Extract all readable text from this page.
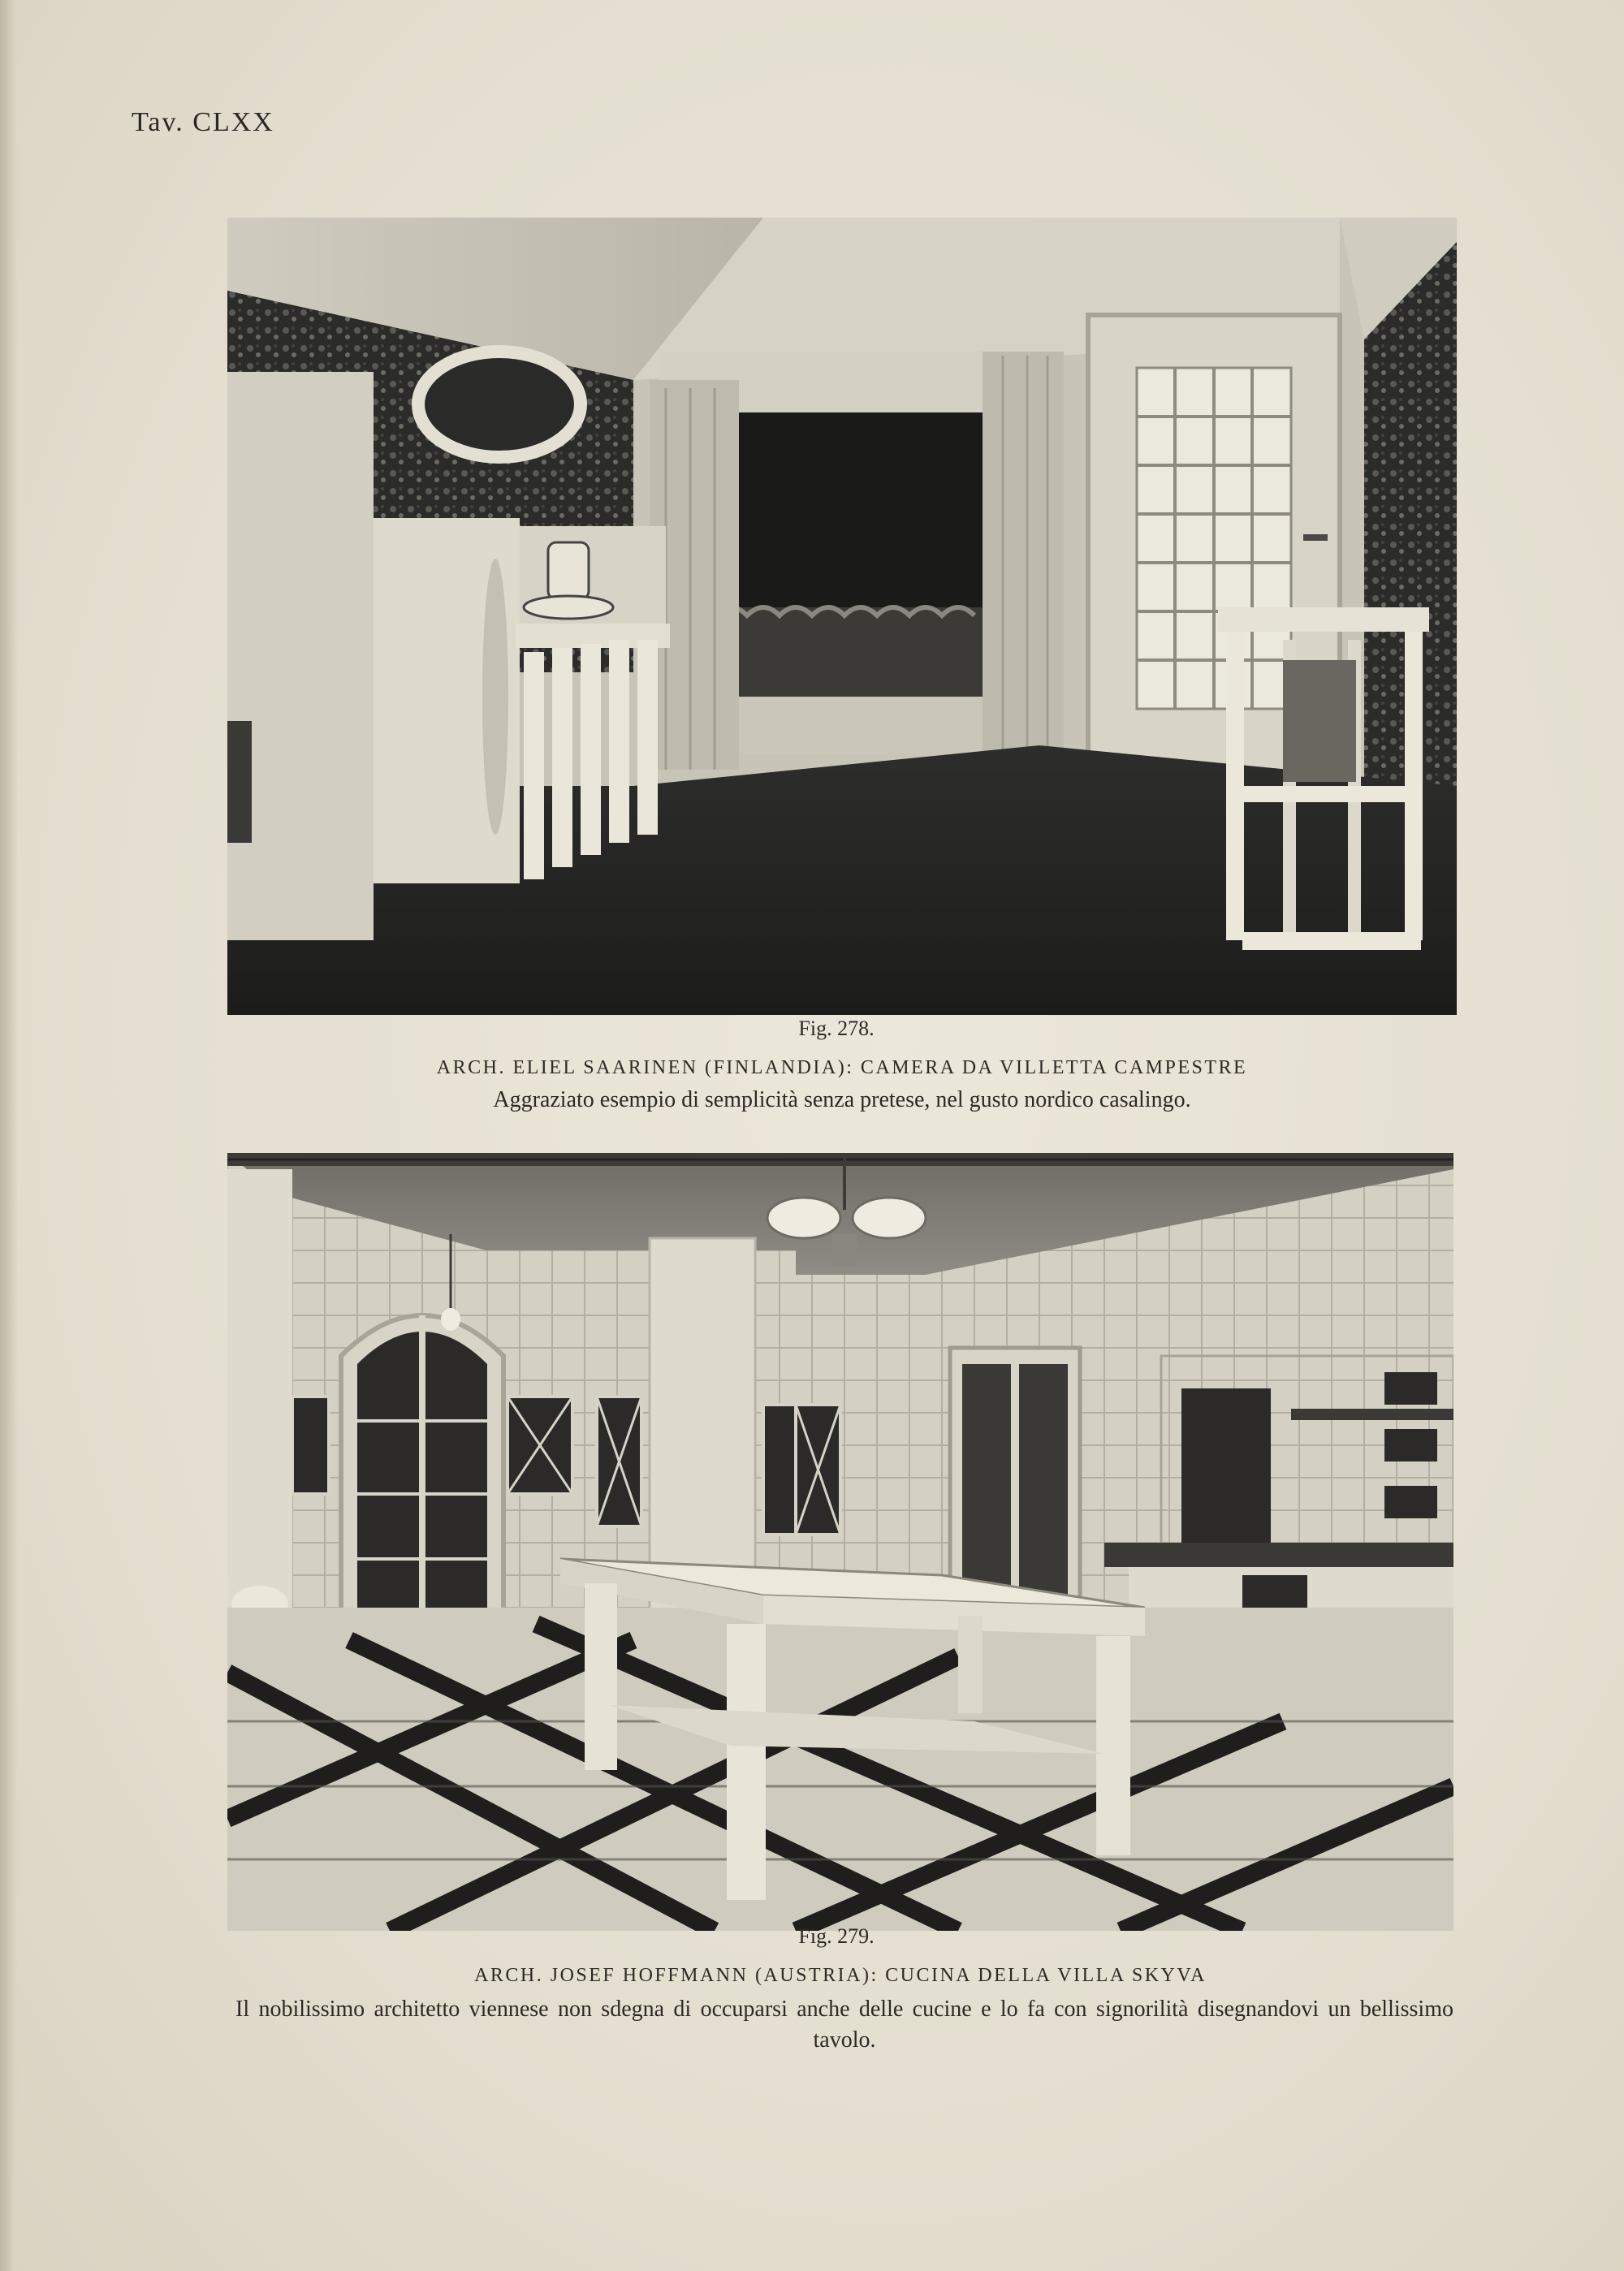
Tav. CLXX
Fig. 278.
ARCH. ELIEL SAARINEN (FINLANDIA): CAMERA DA VILLETTA CAMPESTRE
Aggraziato esempio di semplicità senza pretese, nel gusto nordico casalingo.
Fig. 279.
ARCH. JOSEF HOFFMANN (AUSTRIA): CUCINA DELLA VILLA SKYVA
Il nobilissimo architetto viennese non sdegna di occuparsi anche delle cucine e lo fa con signorilità disegnandovi un bellissimo tavolo.
